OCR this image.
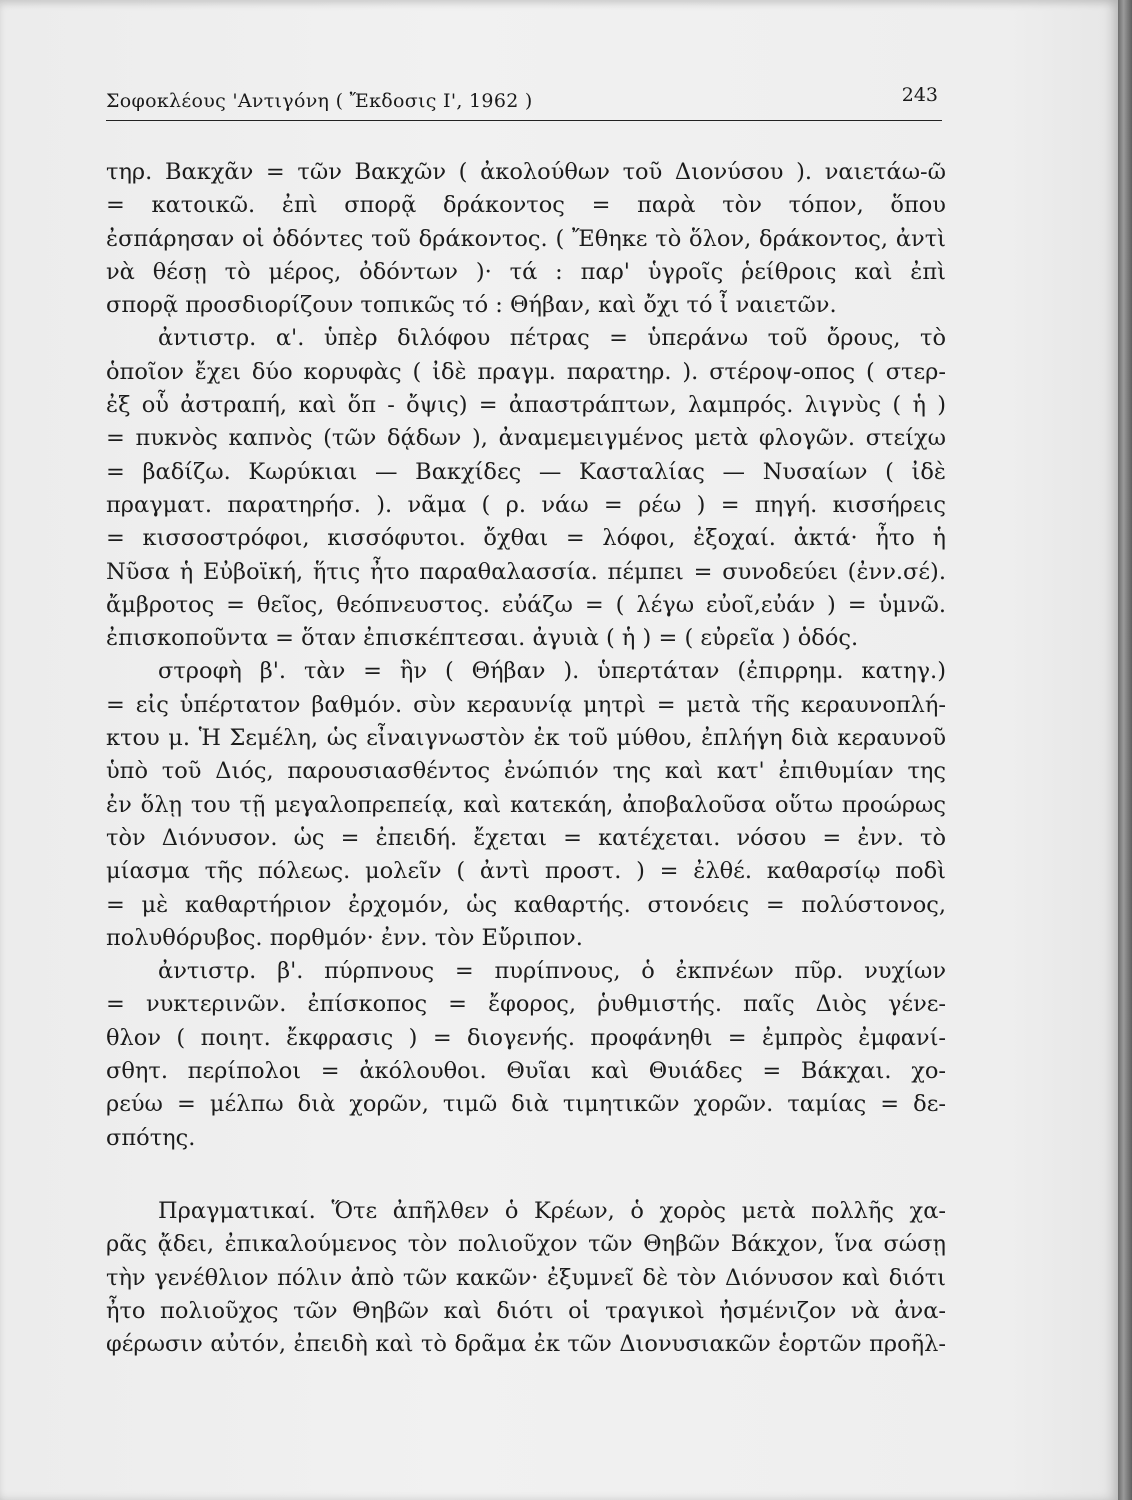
Σοφοκλέους 'Αντιγόνη ( Ἔκδοσις Ι', 1962 )	243
τηρ. Βακχᾶν = τῶν Βακχῶν ( ἀκολούθων τοῦ Διονύσου ). ναιετάω-ῶ
= κατοικῶ. ἐπὶ σπορᾷ δράκοντος = παρὰ τὸν τόπον, ὅπου
ἐσπάρησαν οἱ ὀδόντες τοῦ δράκοντος. ( Ἔθηκε τὸ ὅλον, δράκοντος, ἀντὶ
νὰ θέσῃ τὸ μέρος, ὀδόντων )· τά : παρ' ὑγροῖς ῥείθροις καὶ ἐπὶ
σπορᾷ προσδιορίζουν τοπικῶς τό : Θήβαν, καὶ ὄχι τό ἶ ναιετῶν.
ἀντιστρ. α'. ὑπὲρ διλόφου πέτρας = ὑπεράνω τοῦ ὄρους, τὸ
ὁποῖον ἔχει δύο κορυφὰς ( ἰδὲ πραγμ. παρατηρ. ). στέροψ-οπος ( στερ-
ἐξ οὗ ἀστραπή, καὶ ὅπ - ὄψις) = ἀπαστράπτων, λαμπρός. λιγνὺς ( ἡ )
= πυκνὸς καπνὸς (τῶν δᾴδων ), ἀναμεμειγμένος μετὰ φλογῶν. στείχω
= βαδίζω. Κωρύκιαι — Βακχίδες — Κασταλίας — Νυσαίων ( ἰδὲ
πραγματ. παρατηρήσ. ). νᾶμα ( ρ. νάω = ρέω ) = πηγή. κισσήρεις
= κισσοστρόφοι, κισσόφυτοι. ὄχθαι = λόφοι, ἐξοχαί. ἀκτά· ἦτο ἡ
Νῦσα ἡ Εὐβοϊκή, ἥτις ἦτο παραθαλασσία. πέμπει = συνοδεύει (ἐνν.σέ).
ἄμβροτος = θεῖος, θεόπνευστος. εὐάζω = ( λέγω εὐοῖ,εὐάν ) = ὑμνῶ.
ἐπισκοποῦντα = ὅταν ἐπισκέπτεσαι. ἀγυιὰ ( ἡ ) = ( εὐρεῖα ) ὁδός.
στροφὴ β'. τὰν = ἣν ( Θήβαν ). ὑπερτάταν (ἐπιρρημ. κατηγ.)
= εἰς ὑπέρτατον βαθμόν. σὺν κεραυνίᾳ μητρὶ = μετὰ τῆς κεραυνοπλή-
κτου μ. Ἡ Σεμέλη, ὡς εἶναιγνωστὸν ἐκ τοῦ μύθου, ἐπλήγη διὰ κεραυνοῦ
ὑπὸ τοῦ Διός, παρουσιασθέντος ἐνώπιόν της καὶ κατ' ἐπιθυμίαν της
ἐν ὅλῃ του τῇ μεγαλοπρεπείᾳ, καὶ κατεκάη, ἀποβαλοῦσα οὕτω προώρως
τὸν Διόνυσον. ὡς = ἐπειδή. ἔχεται = κατέχεται. νόσου = ἐνν. τὸ
μίασμα τῆς πόλεως. μολεῖν ( ἀντὶ προστ. ) = ἐλθέ. καθαρσίῳ ποδὶ
= μὲ καθαρτήριον ἐρχομόν, ὡς καθαρτής. στονόεις = πολύστονος,
πολυθόρυβος. πορθμόν· ἐνν. τὸν Εὔριπον.
ἀντιστρ. β'. πύρπνους = πυρίπνους, ὁ ἐκπνέων πῦρ. νυχίων
= νυκτερινῶν. ἐπίσκοπος = ἔφορος, ῥυθμιστής. παῖς Διὸς γένε-
θλον ( ποιητ. ἔκφρασις ) = διογενής. προφάνηθι = ἐμπρὸς ἐμφανί-
σθητ. περίπολοι = ἀκόλουθοι. Θυῖαι καὶ Θυιάδες = Βάκχαι. χο-
ρεύω = μέλπω διὰ χορῶν, τιμῶ διὰ τιμητικῶν χορῶν. ταμίας = δε-
σπότης.
Πραγματικαί. Ὅτε ἀπῆλθεν ὁ Κρέων, ὁ χορὸς μετὰ πολλῆς χα-
ρᾶς ᾄδει, ἐπικαλούμενος τὸν πολιοῦχον τῶν Θηβῶν Βάκχον, ἵνα σώσῃ
τὴν γενέθλιον πόλιν ἀπὸ τῶν κακῶν· ἐξυμνεῖ δὲ τὸν Διόνυσον καὶ διότι
ἦτο πολιοῦχος τῶν Θηβῶν καὶ διότι οἱ τραγικοὶ ἠσμένιζον νὰ ἀνα-
φέρωσιν αὐτόν, ἐπειδὴ καὶ τὸ δρᾶμα ἐκ τῶν Διονυσιακῶν ἑορτῶν προῆλ-
